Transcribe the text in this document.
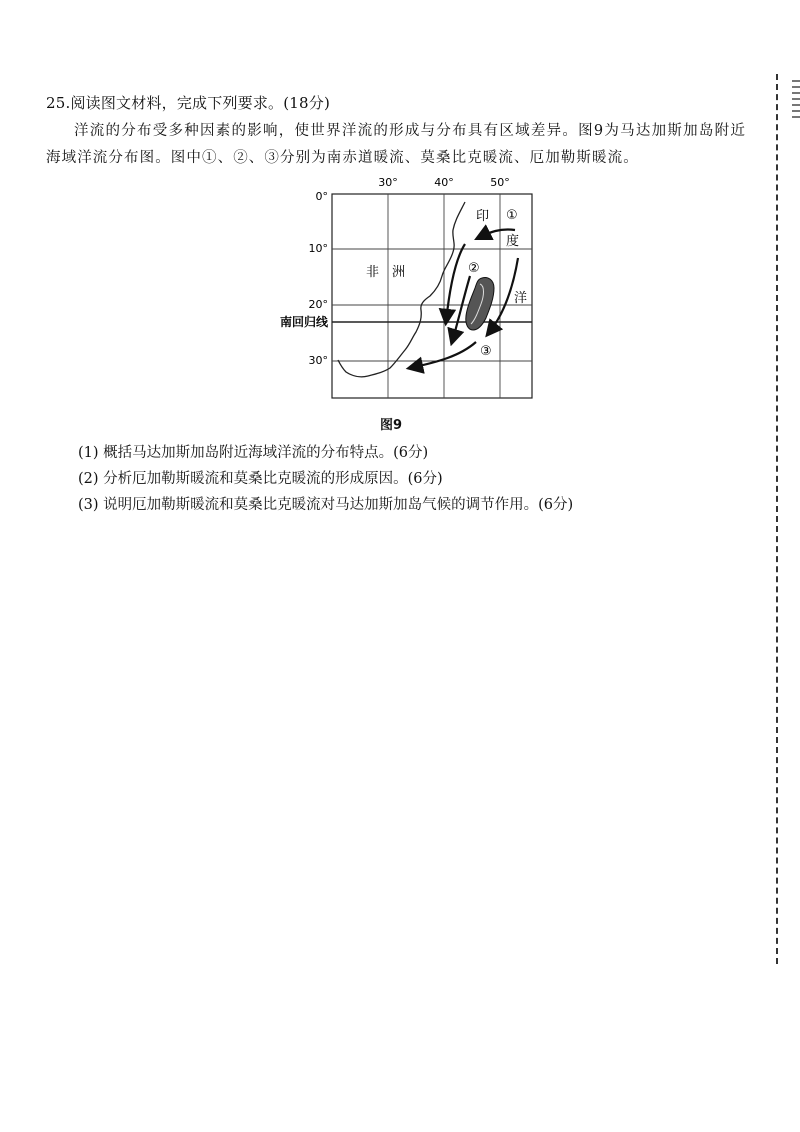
25.阅读图文材料，完成下列要求。(18分)
洋流的分布受多种因素的影响，使世界洋流的形成与分布具有区域差异。图9为马达加斯加岛附近海域洋流分布图。图中①、②、③分别为南赤道暖流、莫桑比克暖流、厄加勒斯暖流。
30°	40°	50°
0°
10°
20°
30°
南回归线
非 洲
印
度
洋
①
②
③
图9
(1) 概括马达加斯加岛附近海域洋流的分布特点。(6分)
(2) 分析厄加勒斯暖流和莫桑比克暖流的形成原因。(6分)
(3) 说明厄加勒斯暖流和莫桑比克暖流对马达加斯加岛气候的调节作用。(6分)
